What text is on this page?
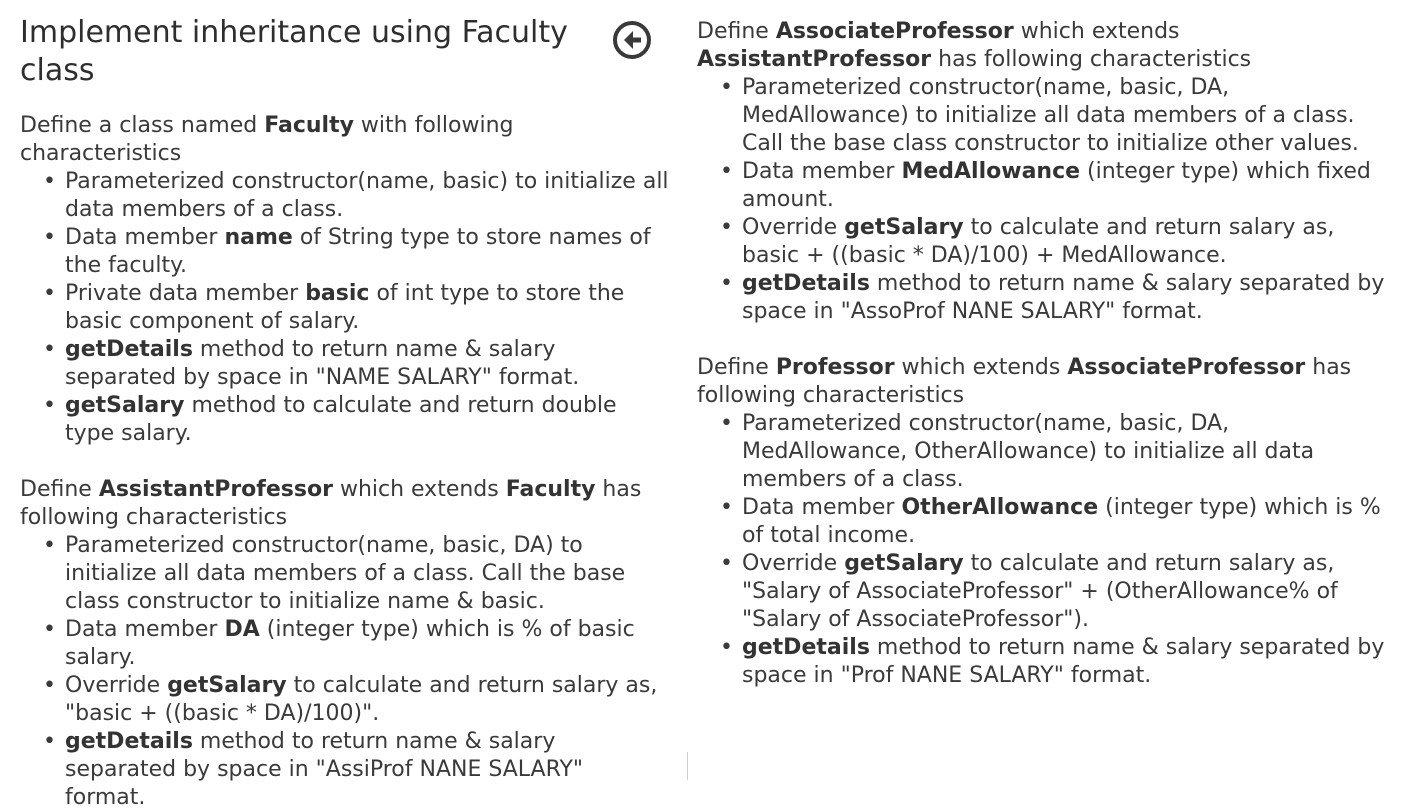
Implement inheritance using Faculty class

Define a class named Faculty with following characteristics

• Parameterized constructor(name, basic) to initialize all data members of a class.
• Data member name of String type to store names of the faculty.
• Private data member basic of int type to store the basic component of salary.
• getDetails method to return name & salary separated by space in "NAME SALARY" format.
• getSalary method to calculate and return double type salary.

Define AssistantProfessor which extends Faculty has following characteristics

• Parameterized constructor(name, basic, DA) to initialize all data members of a class. Call the base class constructor to initialize name & basic.
• Data member DA (integer type) which is % of basic salary.
• Override getSalary to calculate and return salary as, "basic + ((basic * DA)/100)".
• getDetails method to return name & salary separated by space in "AssiProf NANE SALARY" format.

Define AssociateProfessor which extends AssistantProfessor has following characteristics

• Parameterized constructor(name, basic, DA, MedAllowance) to initialize all data members of a class. Call the base class constructor to initialize other values.
• Data member MedAllowance (integer type) which fixed amount.
• Override getSalary to calculate and return salary as, basic + ((basic * DA)/100) + MedAllowance.
• getDetails method to return name & salary separated by space in "AssoProf NANE SALARY" format.

Define Professor which extends AssociateProfessor has following characteristics

• Parameterized constructor(name, basic, DA, MedAllowance, OtherAllowance) to initialize all data members of a class.
• Data member OtherAllowance (integer type) which is % of total income.
• Override getSalary to calculate and return salary as, "Salary of AssociateProfessor" + (OtherAllowance% of "Salary of AssociateProfessor").
• getDetails method to return name & salary separated by space in "Prof NANE SALARY" format.
